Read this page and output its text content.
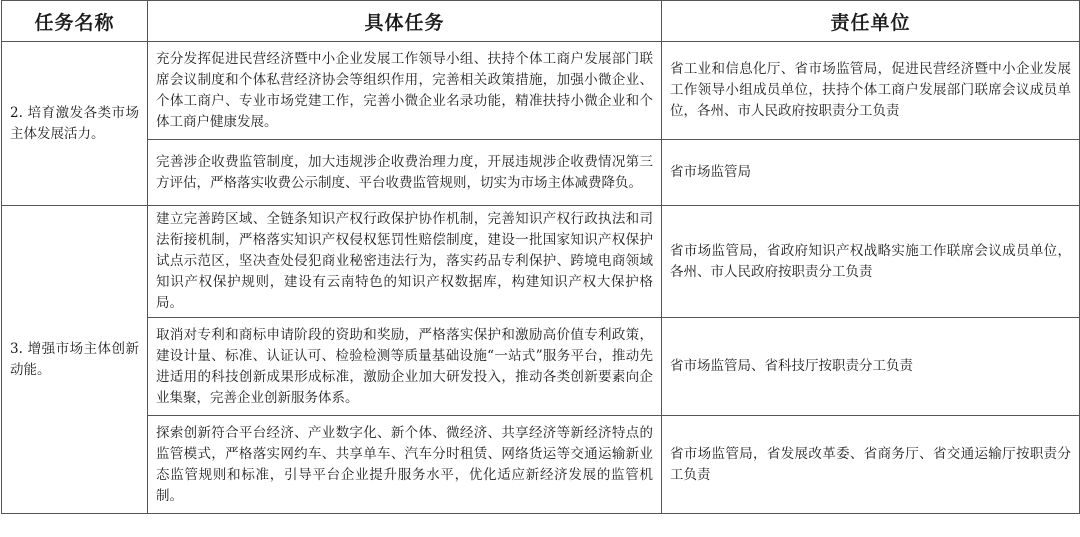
任务名称	具体任务	责任单位
2. 培育激发各类市场主体发展活力。	充分发挥促进民营经济暨中小企业发展工作领导小组、扶持个体工商户发展部门联席会议制度和个体私营经济协会等组织作用，完善相关政策措施，加强小微企业、个体工商户、专业市场党建工作，完善小微企业名录功能，精准扶持小微企业和个体工商户健康发展。	省工业和信息化厅、省市场监管局，促进民营经济暨中小企业发展工作领导小组成员单位，扶持个体工商户发展部门联席会议成员单位，各州、市人民政府按职责分工负责
	完善涉企收费监管制度，加大违规涉企收费治理力度，开展违规涉企收费情况第三方评估，严格落实收费公示制度、平台收费监管规则，切实为市场主体减费降负。	省市场监管局
3. 增强市场主体创新动能。	建立完善跨区域、全链条知识产权行政保护协作机制，完善知识产权行政执法和司法衔接机制，严格落实知识产权侵权惩罚性赔偿制度，建设一批国家知识产权保护试点示范区，坚决查处侵犯商业秘密违法行为，落实药品专利保护、跨境电商领域知识产权保护规则，建设有云南特色的知识产权数据库，构建知识产权大保护格局。	省市场监管局，省政府知识产权战略实施工作联席会议成员单位，各州、市人民政府按职责分工负责
	取消对专利和商标申请阶段的资助和奖励，严格落实保护和激励高价值专利政策，建设计量、标准、认证认可、检验检测等质量基础设施“一站式”服务平台，推动先进适用的科技创新成果形成标准，激励企业加大研发投入，推动各类创新要素向企业集聚，完善企业创新服务体系。	省市场监管局、省科技厅按职责分工负责
	探索创新符合平台经济、产业数字化、新个体、微经济、共享经济等新经济特点的监管模式，严格落实网约车、共享单车、汽车分时租赁、网络货运等交通运输新业态监管规则和标准，引导平台企业提升服务水平，优化适应新经济发展的监管机制。	省市场监管局，省发展改革委、省商务厅、省交通运输厅按职责分工负责
